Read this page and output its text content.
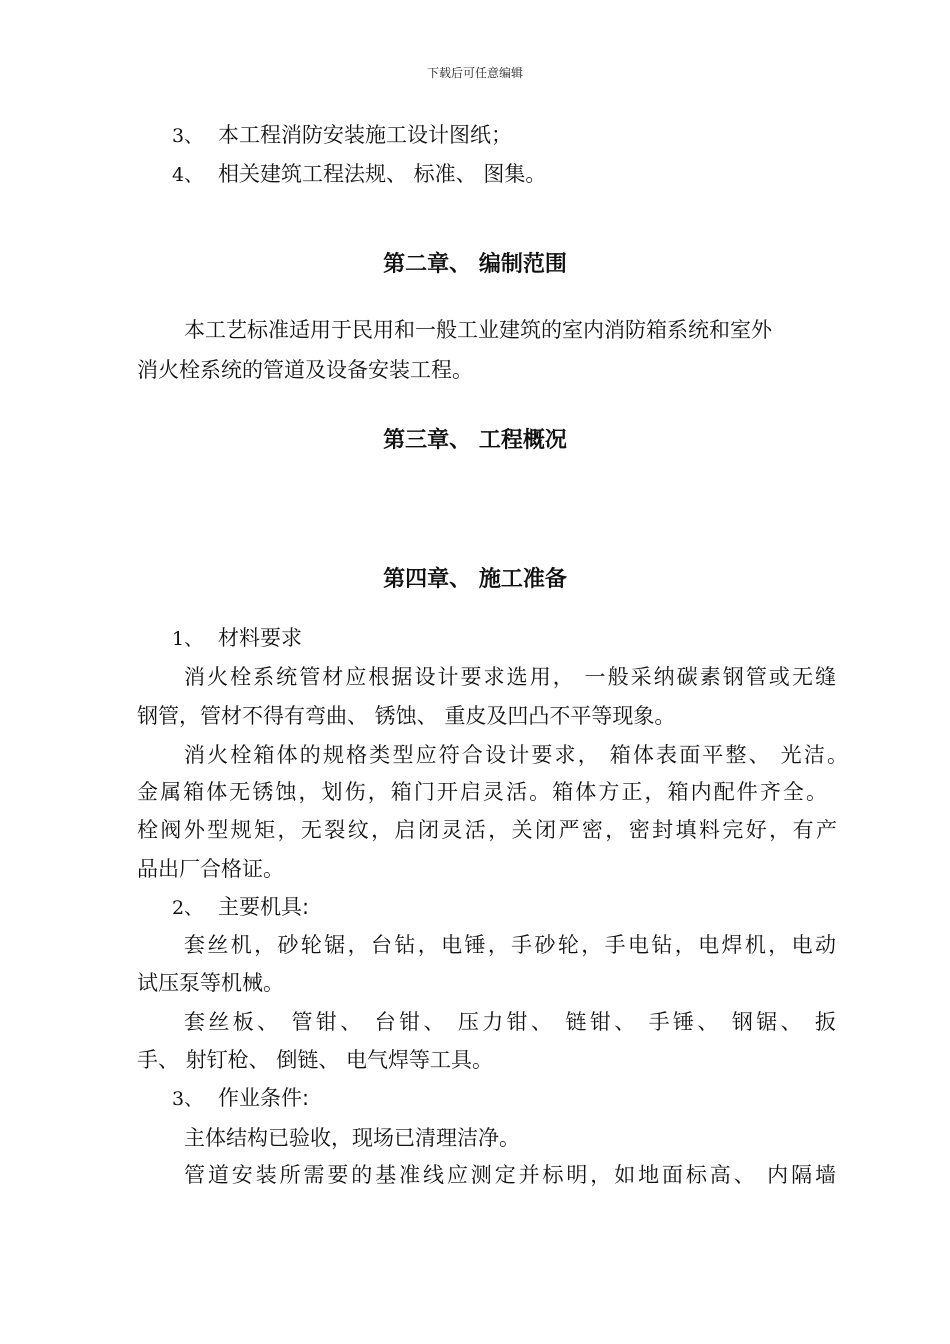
下载后可任意编辑
3、 本工程消防安装施工设计图纸；
4、 相关建筑工程法规、 标准、 图集。
第二章、 编制范围
本工艺标准适用于民用和一般工业建筑的室内消防箱系统和室外
消火栓系统的管道及设备安装工程。
第三章、 工程概况
第四章、 施工准备
1、 材料要求
消火栓系统管材应根据设计要求选用， 一般采纳碳素钢管或无缝
钢管，管材不得有弯曲、 锈蚀、 重皮及凹凸不平等现象。
消火栓箱体的规格类型应符合设计要求， 箱体表面平整、 光洁。
金属箱体无锈蚀，划伤，箱门开启灵活。箱体方正，箱内配件齐全。
栓阀外型规矩，无裂纹，启闭灵活，关闭严密，密封填料完好，有产
品出厂合格证。
2、 主要机具:
套丝机，砂轮锯，台钻，电锤，手砂轮，手电钻，电焊机，电动
试压泵等机械。
套丝板、 管钳、 台钳、 压力钳、 链钳、 手锤、 钢锯、 扳
手、 射钉枪、 倒链、 电气焊等工具。
3、 作业条件:
主体结构已验收，现场已清理洁净。
管道安装所需要的基准线应测定并标明，如地面标高、 内隔墙
